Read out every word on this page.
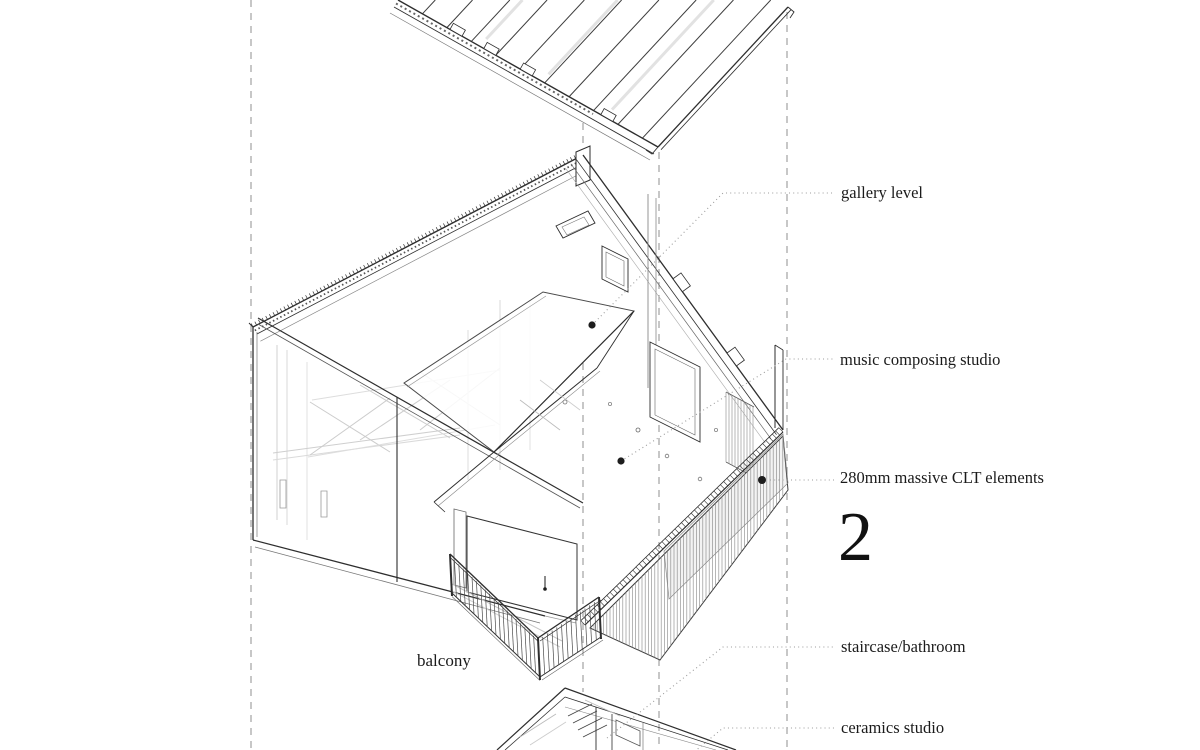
gallery level
music composing studio
280mm massive CLT elements
staircase/bathroom
ceramics studio
balcony
2
